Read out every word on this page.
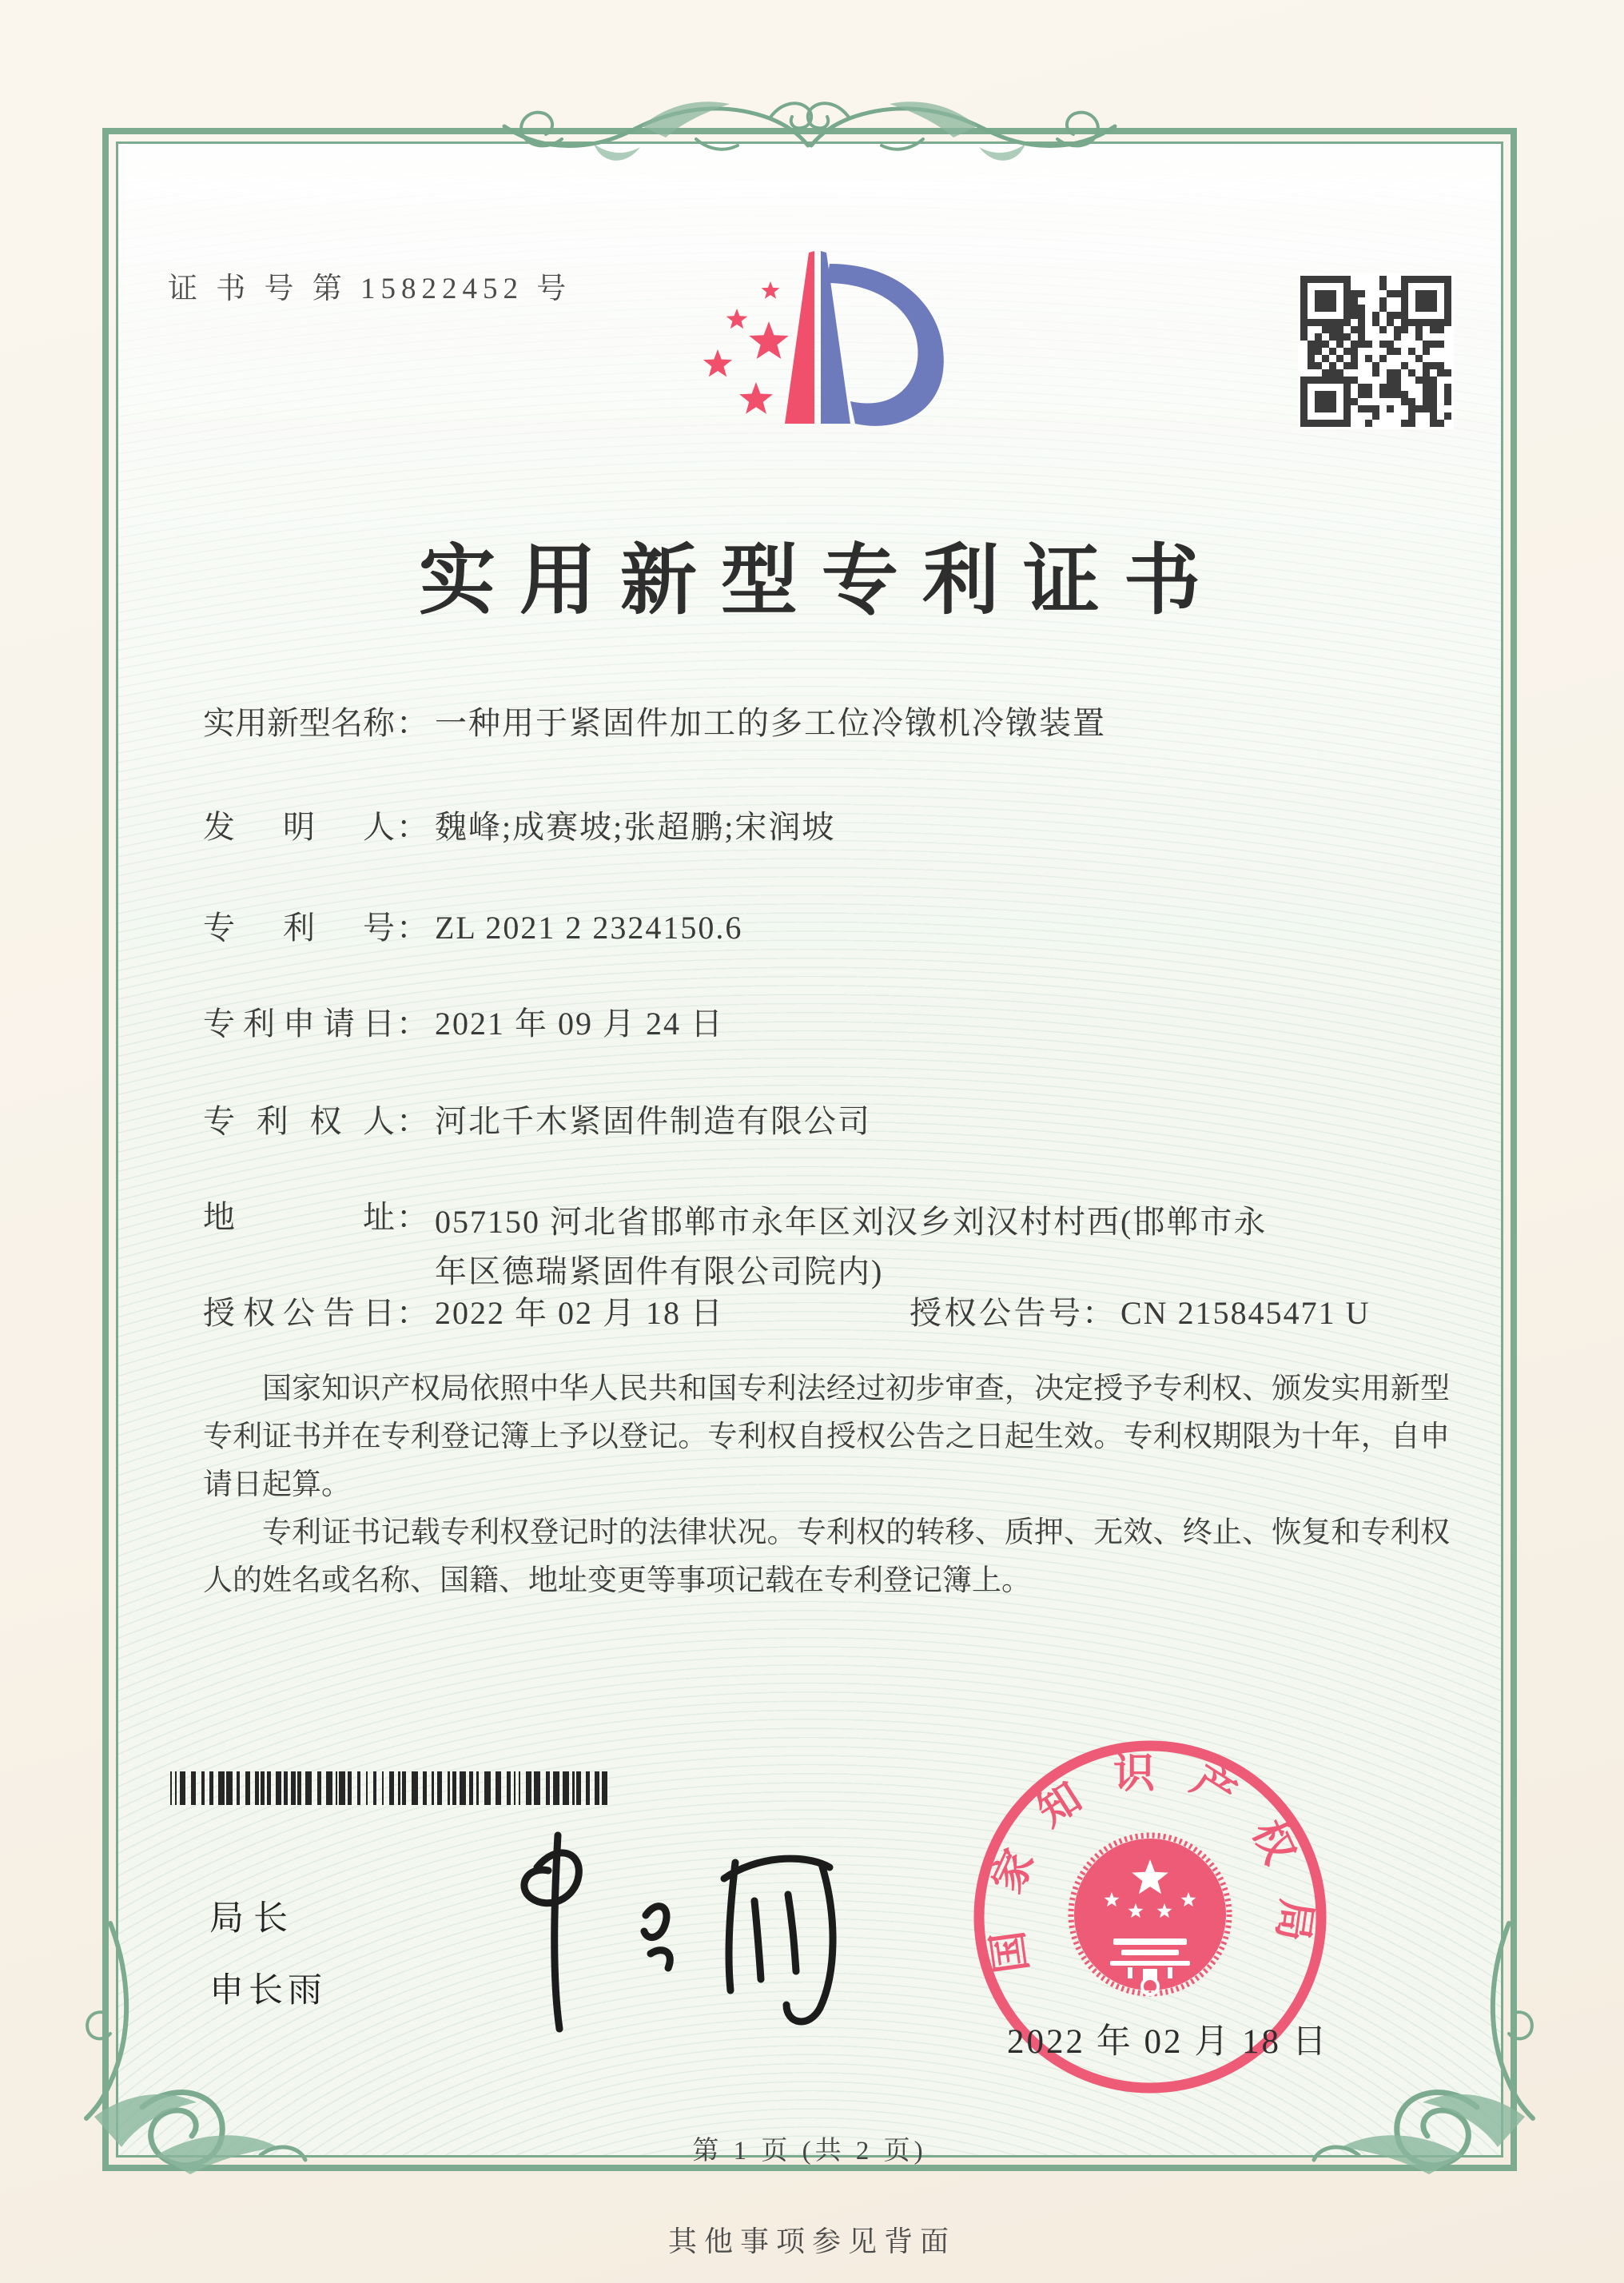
证 书 号 第 15822452 号
实用新型专利证书
实用新型名称： 一种用于紧固件加工的多工位冷镦机冷镦装置
发明人： 魏峰;成赛坡;张超鹏;宋润坡
专利号： ZL 2021 2 2324150.6
专利申请日： 2021 年 09 月 24 日
专利权人： 河北千木紧固件制造有限公司
地址： 057150 河北省邯郸市永年区刘汉乡刘汉村村西(邯郸市永
年区德瑞紧固件有限公司院内)
授权公告日： 2022 年 02 月 18 日	授权公告号： CN 215845471 U

国家知识产权局依照中华人民共和国专利法经过初步审查，决定授予专利权、颁发实用新型专利证书并在专利登记簿上予以登记。专利权自授权公告之日起生效。专利权期限为十年，自申请日起算。

专利证书记载专利权登记时的法律状况。专利权的转移、质押、无效、终止、恢复和专利权人的姓名或名称、国籍、地址变更等事项记载在专利登记簿上。

局长
申长雨
国家知识产权局
2022 年 02 月 18 日
第 1 页 (共 2 页)
其他事项参见背面
